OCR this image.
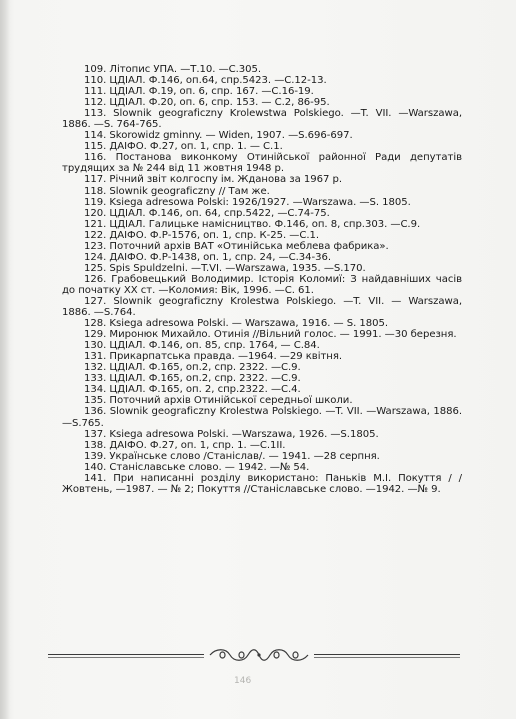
109. Літопис УПА. —Т.10. —С.305.

110. ЦДІАЛ. Ф.146, оп.64, спр.5423. —С.12-13.

111. ЦДІАЛ. Ф.19, оп. 6, спр. 167. —С.16-19.

112. ЦДІАЛ. Ф.20, оп. 6, спр. 153. — С.2, 86-95.

113. Slownik geograficzny Krolewstwa Polskiego. —T. VII. —Warszawa, 1886. —S. 764-765.

114. Skorowidz gminny. — Widen, 1907. —S.696-697.

115. ДАІФО. Ф.27, оп. 1, спр. 1. — С.1.

116. Постанова виконкому Отинійської районної Ради депутатів трудящих за № 244 від 11 жовтня 1948 р.

117. Річний звіт колгоспу ім. Жданова за 1967 р.

118. Slownik geograficzny // Там же.

119. Ksiega adresowa Polski: 1926/1927. —Warszawa. —S. 1805.

120. ЦДІАЛ. Ф.146, оп. 64, спр.5422, —С.74-75.

121. ЦДІАЛ. Галицьке намісництво. Ф.146, оп. 8, спр.303. —С.9.

122. ДАІФО. Ф.Р-1576, оп. 1, спр. К-25. —С.1.

123. Поточний архів ВАТ «Отинійська меблева фабрика».

124. ДАІФО. Ф.Р-1438, оп. 1, спр. 24, —С.34-36.

125. Spis Spuldzelni. —T.VI. —Warszawa, 1935. —S.170.

126. Грабовецький Володимир. Історія Коломиї: З найдавніших часів до початку XX ст. —Коломия: Вік, 1996. —С. 61.

127. Slownik geograficzny Krolestwa Polskiego. —T. VII. — Warszawa, 1886. —S.764.

128. Ksiega adresowa Polski. — Warszawa, 1916. — S. 1805.

129. Миронюк Михайло. Отинія //Вільний голос. — 1991. —30 березня.

130. ЦДІАЛ. Ф.146, оп. 85, спр. 1764, — С.84.

131. Прикарпатська правда. —1964. —29 квітня.

132. ЦДІАЛ. Ф.165, оп.2, спр. 2322. —С.9.

133. ЦДІАЛ. Ф.165, оп.2, спр. 2322. —С.9.

134. ЦДІАЛ. Ф.165, оп. 2, спр.2322. —С.4.

135. Поточний архів Отинійської середньої школи.

136. Slownik geograficzny Krolestwa Polskiego. —T. VII. —Warszawa, 1886. —S.765.

137. Ksiega adresowa Polski. —Warszawa, 1926. —S.1805.

138. ДАІФО. Ф.27, оп. 1, спр. 1. —С.1ІІ.

139. Українське слово /Станіслав/. — 1941. —28 серпня.

140. Станіславське слово. — 1942. —№ 54.

141. При написанні розділу використано: Паньків М.І. Покуття / /Жовтень, —1987. — № 2; Покуття //Станіславське слово. —1942. —№ 9.

146
